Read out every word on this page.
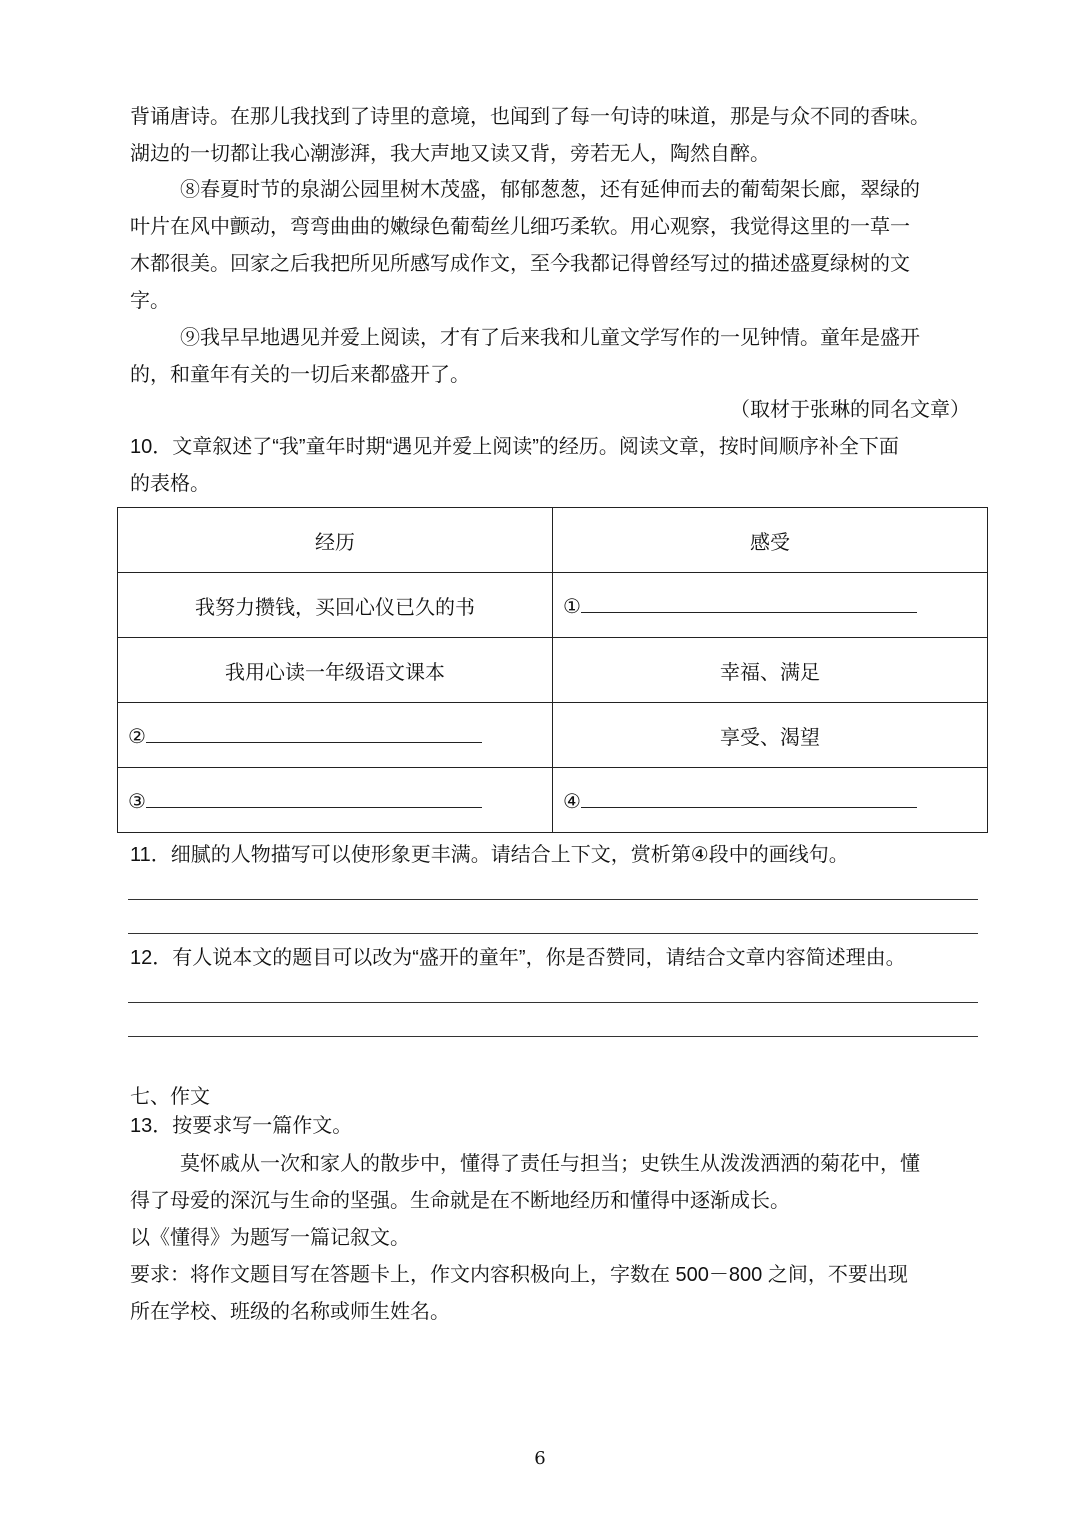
背诵唐诗。在那儿我找到了诗里的意境，也闻到了每一句诗的味道，那是与众不同的香味。
湖边的一切都让我心潮澎湃，我大声地又读又背，旁若无人，陶然自醉。
⑧春夏时节的泉湖公园里树木茂盛，郁郁葱葱，还有延伸而去的葡萄架长廊，翠绿的
叶片在风中颤动，弯弯曲曲的嫩绿色葡萄丝儿细巧柔软。用心观察，我觉得这里的一草一
木都很美。回家之后我把所见所感写成作文，至今我都记得曾经写过的描述盛夏绿树的文
字。
⑨我早早地遇见并爱上阅读，才有了后来我和儿童文学写作的一见钟情。童年是盛开
的，和童年有关的一切后来都盛开了。
（取材于张琳的同名文章）
10．文章叙述了“我”童年时期“遇见并爱上阅读”的经历。阅读文章，按时间顺序补全下面
的表格。
经历	感受
我努力攒钱，买回心仪已久的书	①
我用心读一年级语文课本	幸福、满足
②	享受、渴望
③	④
11．细腻的人物描写可以使形象更丰满。请结合上下文，赏析第④段中的画线句。
12．有人说本文的题目可以改为“盛开的童年”，你是否赞同，请结合文章内容简述理由。
七、作文
13．按要求写一篇作文。
莫怀戚从一次和家人的散步中，懂得了责任与担当；史铁生从泼泼洒洒的菊花中，懂
得了母爱的深沉与生命的坚强。生命就是在不断地经历和懂得中逐渐成长。
以《懂得》为题写一篇记叙文。
要求：将作文题目写在答题卡上，作文内容积极向上，字数在 500－800 之间，不要出现
所在学校、班级的名称或师生姓名。
6
